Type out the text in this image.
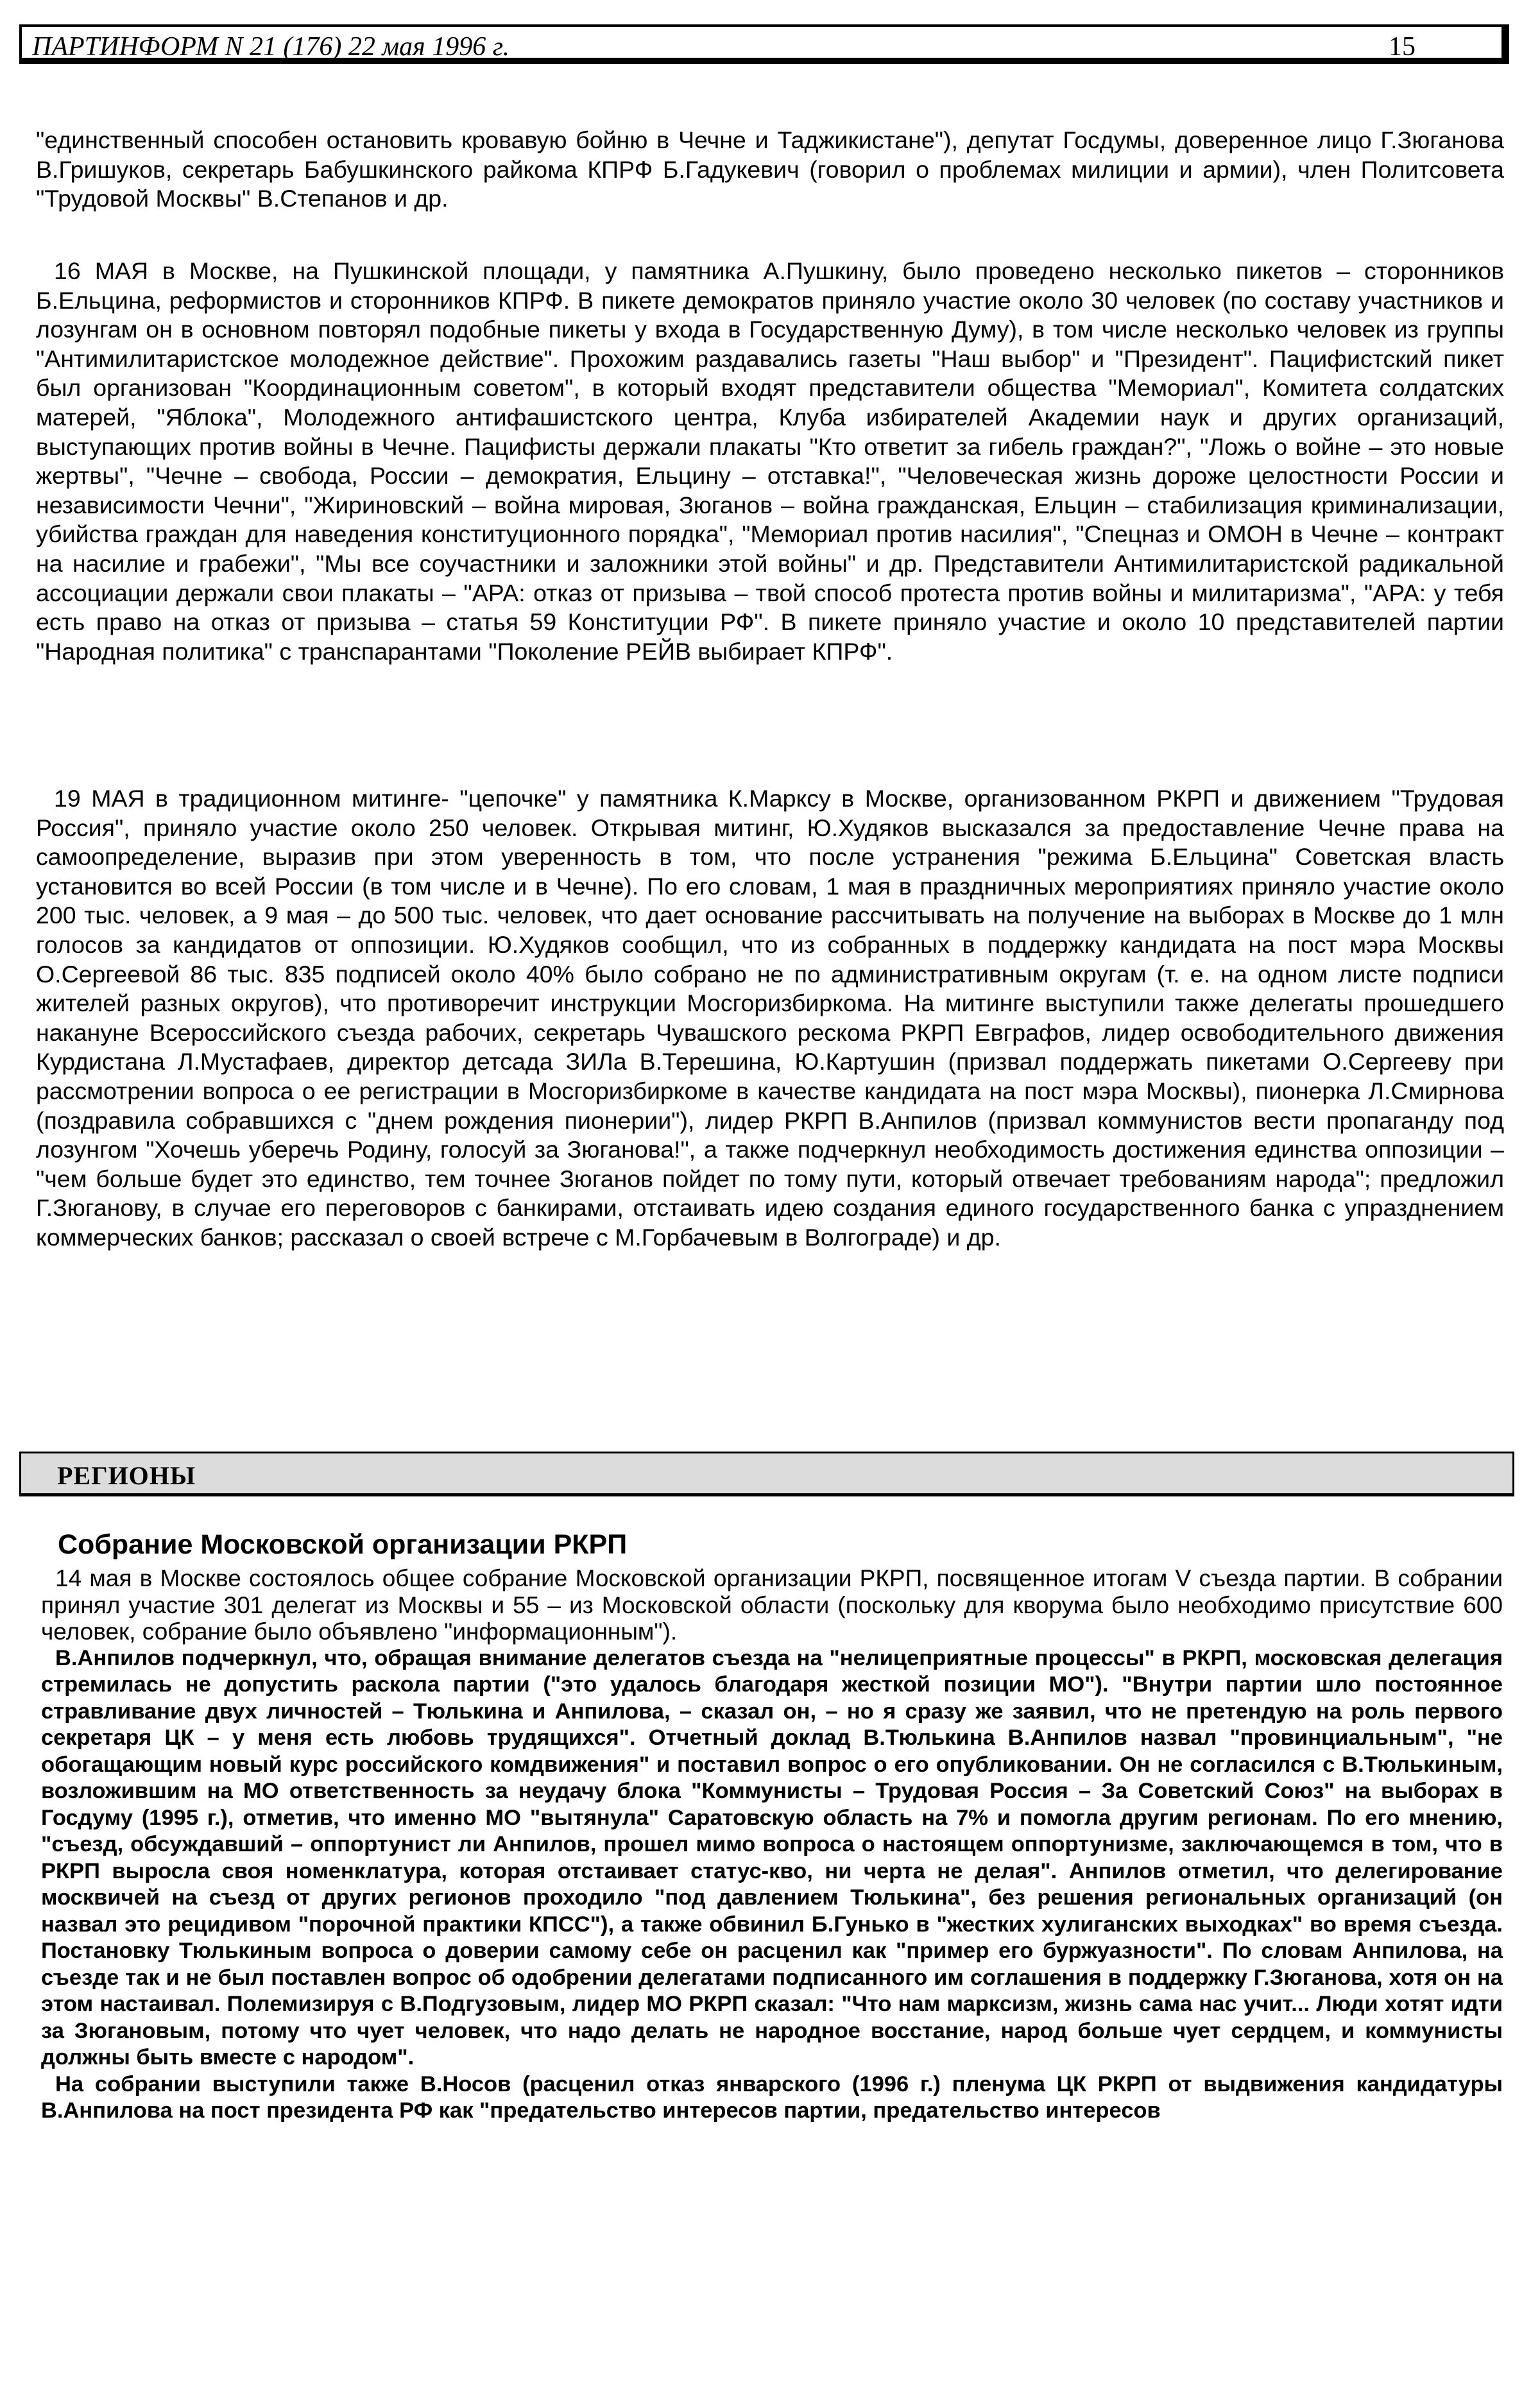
ПАРТИНФОРМ N 21 (176) 22 мая 1996 г.	15

"единственный способен остановить кровавую бойню в Чечне и Таджикистане"), депутат Госдумы, доверенное лицо Г.Зюганова В.Гришуков, секретарь Бабушкинского райкома КПРФ Б.Гадукевич (говорил о проблемах милиции и армии), член Политсовета "Трудовой Москвы" В.Степанов и др.

16 МАЯ в Москве, на Пушкинской площади, у памятника А.Пушкину, было проведено несколько пикетов – сторонников Б.Ельцина, реформистов и сторонников КПРФ. В пикете демократов приняло участие около 30 человек (по составу участников и лозунгам он в основном повторял подобные пикеты у входа в Государственную Думу), в том числе несколько человек из группы "Антимилитаристское молодежное действие". Прохожим раздавались газеты "Наш выбор" и "Президент". Пацифистский пикет был организован "Координационным советом", в который входят представители общества "Мемориал", Комитета солдатских матерей, "Яблока", Молодежного антифашистского центра, Клуба избирателей Академии наук и других организаций, выступающих против войны в Чечне. Пацифисты держали плакаты "Кто ответит за гибель граждан?", "Ложь о войне – это новые жертвы", "Чечне – свобода, России – демократия, Ельцину – отставка!", "Человеческая жизнь дороже целостности России и независимости Чечни", "Жириновский – война мировая, Зюганов – война гражданская, Ельцин – стабилизация криминализации, убийства граждан для наведения конституционного порядка", "Мемориал против насилия", "Спецназ и ОМОН в Чечне – контракт на насилие и грабежи", "Мы все соучастники и заложники этой войны" и др. Представители Антимилитаристской радикальной ассоциации держали свои плакаты – "АРА: отказ от призыва – твой способ протеста против войны и милитаризма", "АРА: у тебя есть право на отказ от призыва – статья 59 Конституции РФ". В пикете приняло участие и около 10 представителей партии "Народная политика" с транспарантами "Поколение РЕЙВ выбирает КПРФ".

19 МАЯ в традиционном митинге- "цепочке" у памятника К.Марксу в Москве, организованном РКРП и движением "Трудовая Россия", приняло участие около 250 человек. Открывая митинг, Ю.Худяков высказался за предоставление Чечне права на самоопределение, выразив при этом уверенность в том, что после устранения "режима Б.Ельцина" Советская власть установится во всей России (в том числе и в Чечне). По его словам, 1 мая в праздничных мероприятиях приняло участие около 200 тыс. человек, а 9 мая – до 500 тыс. человек, что дает основание рассчитывать на получение на выборах в Москве до 1 млн голосов за кандидатов от оппозиции. Ю.Худяков сообщил, что из собранных в поддержку кандидата на пост мэра Москвы О.Сергеевой 86 тыс. 835 подписей около 40% было собрано не по административным округам (т. е. на одном листе подписи жителей разных округов), что противоречит инструкции Мосгоризбиркома. На митинге выступили также делегаты прошедшего накануне Всероссийского съезда рабочих, секретарь Чувашского рескома РКРП Евграфов, лидер освободительного движения Курдистана Л.Мустафаев, директор детсада ЗИЛа В.Терешина, Ю.Картушин (призвал поддержать пикетами О.Сергееву при рассмотрении вопроса о ее регистрации в Мосгоризбиркоме в качестве кандидата на пост мэра Москвы), пионерка Л.Смирнова (поздравила собравшихся с "днем рождения пионерии"), лидер РКРП В.Анпилов (призвал коммунистов вести пропаганду под лозунгом "Хочешь уберечь Родину, голосуй за Зюганова!", а также подчеркнул необходимость достижения единства оппозиции – "чем больше будет это единство, тем точнее Зюганов пойдет по тому пути, который отвечает требованиям народа"; предложил Г.Зюганову, в случае его переговоров с банкирами, отстаивать идею создания единого государственного банка с упразднением коммерческих банков; рассказал о своей встрече с М.Горбачевым в Волгограде) и др.

РЕГИОНЫ
Собрание Московской организации РКРП

14 мая в Москве состоялось общее собрание Московской организации РКРП, посвященное итогам V съезда партии. В собрании принял участие 301 делегат из Москвы и 55 – из Московской области (поскольку для кворума было необходимо присутствие 600 человек, собрание было объявлено "информационным").

В.Анпилов подчеркнул, что, обращая внимание делегатов съезда на "нелицеприятные процессы" в РКРП, московская делегация стремилась не допустить раскола партии ("это удалось благодаря жесткой позиции МО"). "Внутри партии шло постоянное стравливание двух личностей – Тюлькина и Анпилова, – сказал он, – но я сразу же заявил, что не претендую на роль первого секретаря ЦК – у меня есть любовь трудящихся". Отчетный доклад В.Тюлькина В.Анпилов назвал "провинциальным", "не обогащающим новый курс российского комдвижения" и поставил вопрос о его опубликовании. Он не согласился с В.Тюлькиным, возложившим на МО ответственность за неудачу блока "Коммунисты – Трудовая Россия – За Советский Союз" на выборах в Госдуму (1995 г.), отметив, что именно МО "вытянула" Саратовскую область на 7% и помогла другим регионам. По его мнению, "съезд, обсуждавший – оппортунист ли Анпилов, прошел мимо вопроса о настоящем оппортунизме, заключающемся в том, что в РКРП выросла своя номенклатура, которая отстаивает статус-кво, ни черта не делая". Анпилов отметил, что делегирование москвичей на съезд от других регионов проходило "под давлением Тюлькина", без решения региональных организаций (он назвал это рецидивом "порочной практики КПСС"), а также обвинил Б.Гунько в "жестких хулиганских выходках" во время съезда. Постановку Тюлькиным вопроса о доверии самому себе он расценил как "пример его буржуазности". По словам Анпилова, на съезде так и не был поставлен вопрос об одобрении делегатами подписанного им соглашения в поддержку Г.Зюганова, хотя он на этом настаивал. Полемизируя с В.Подгузовым, лидер МО РКРП сказал: "Что нам марксизм, жизнь сама нас учит... Люди хотят идти за Зюгановым, потому что чует человек, что надо делать не народное восстание, народ больше чует сердцем, и коммунисты должны быть вместе с народом".

На собрании выступили также В.Носов (расценил отказ январского (1996 г.) пленума ЦК РКРП от выдвижения кандидатуры В.Анпилова на пост президента РФ как "предательство интересов партии, предательство интересов
